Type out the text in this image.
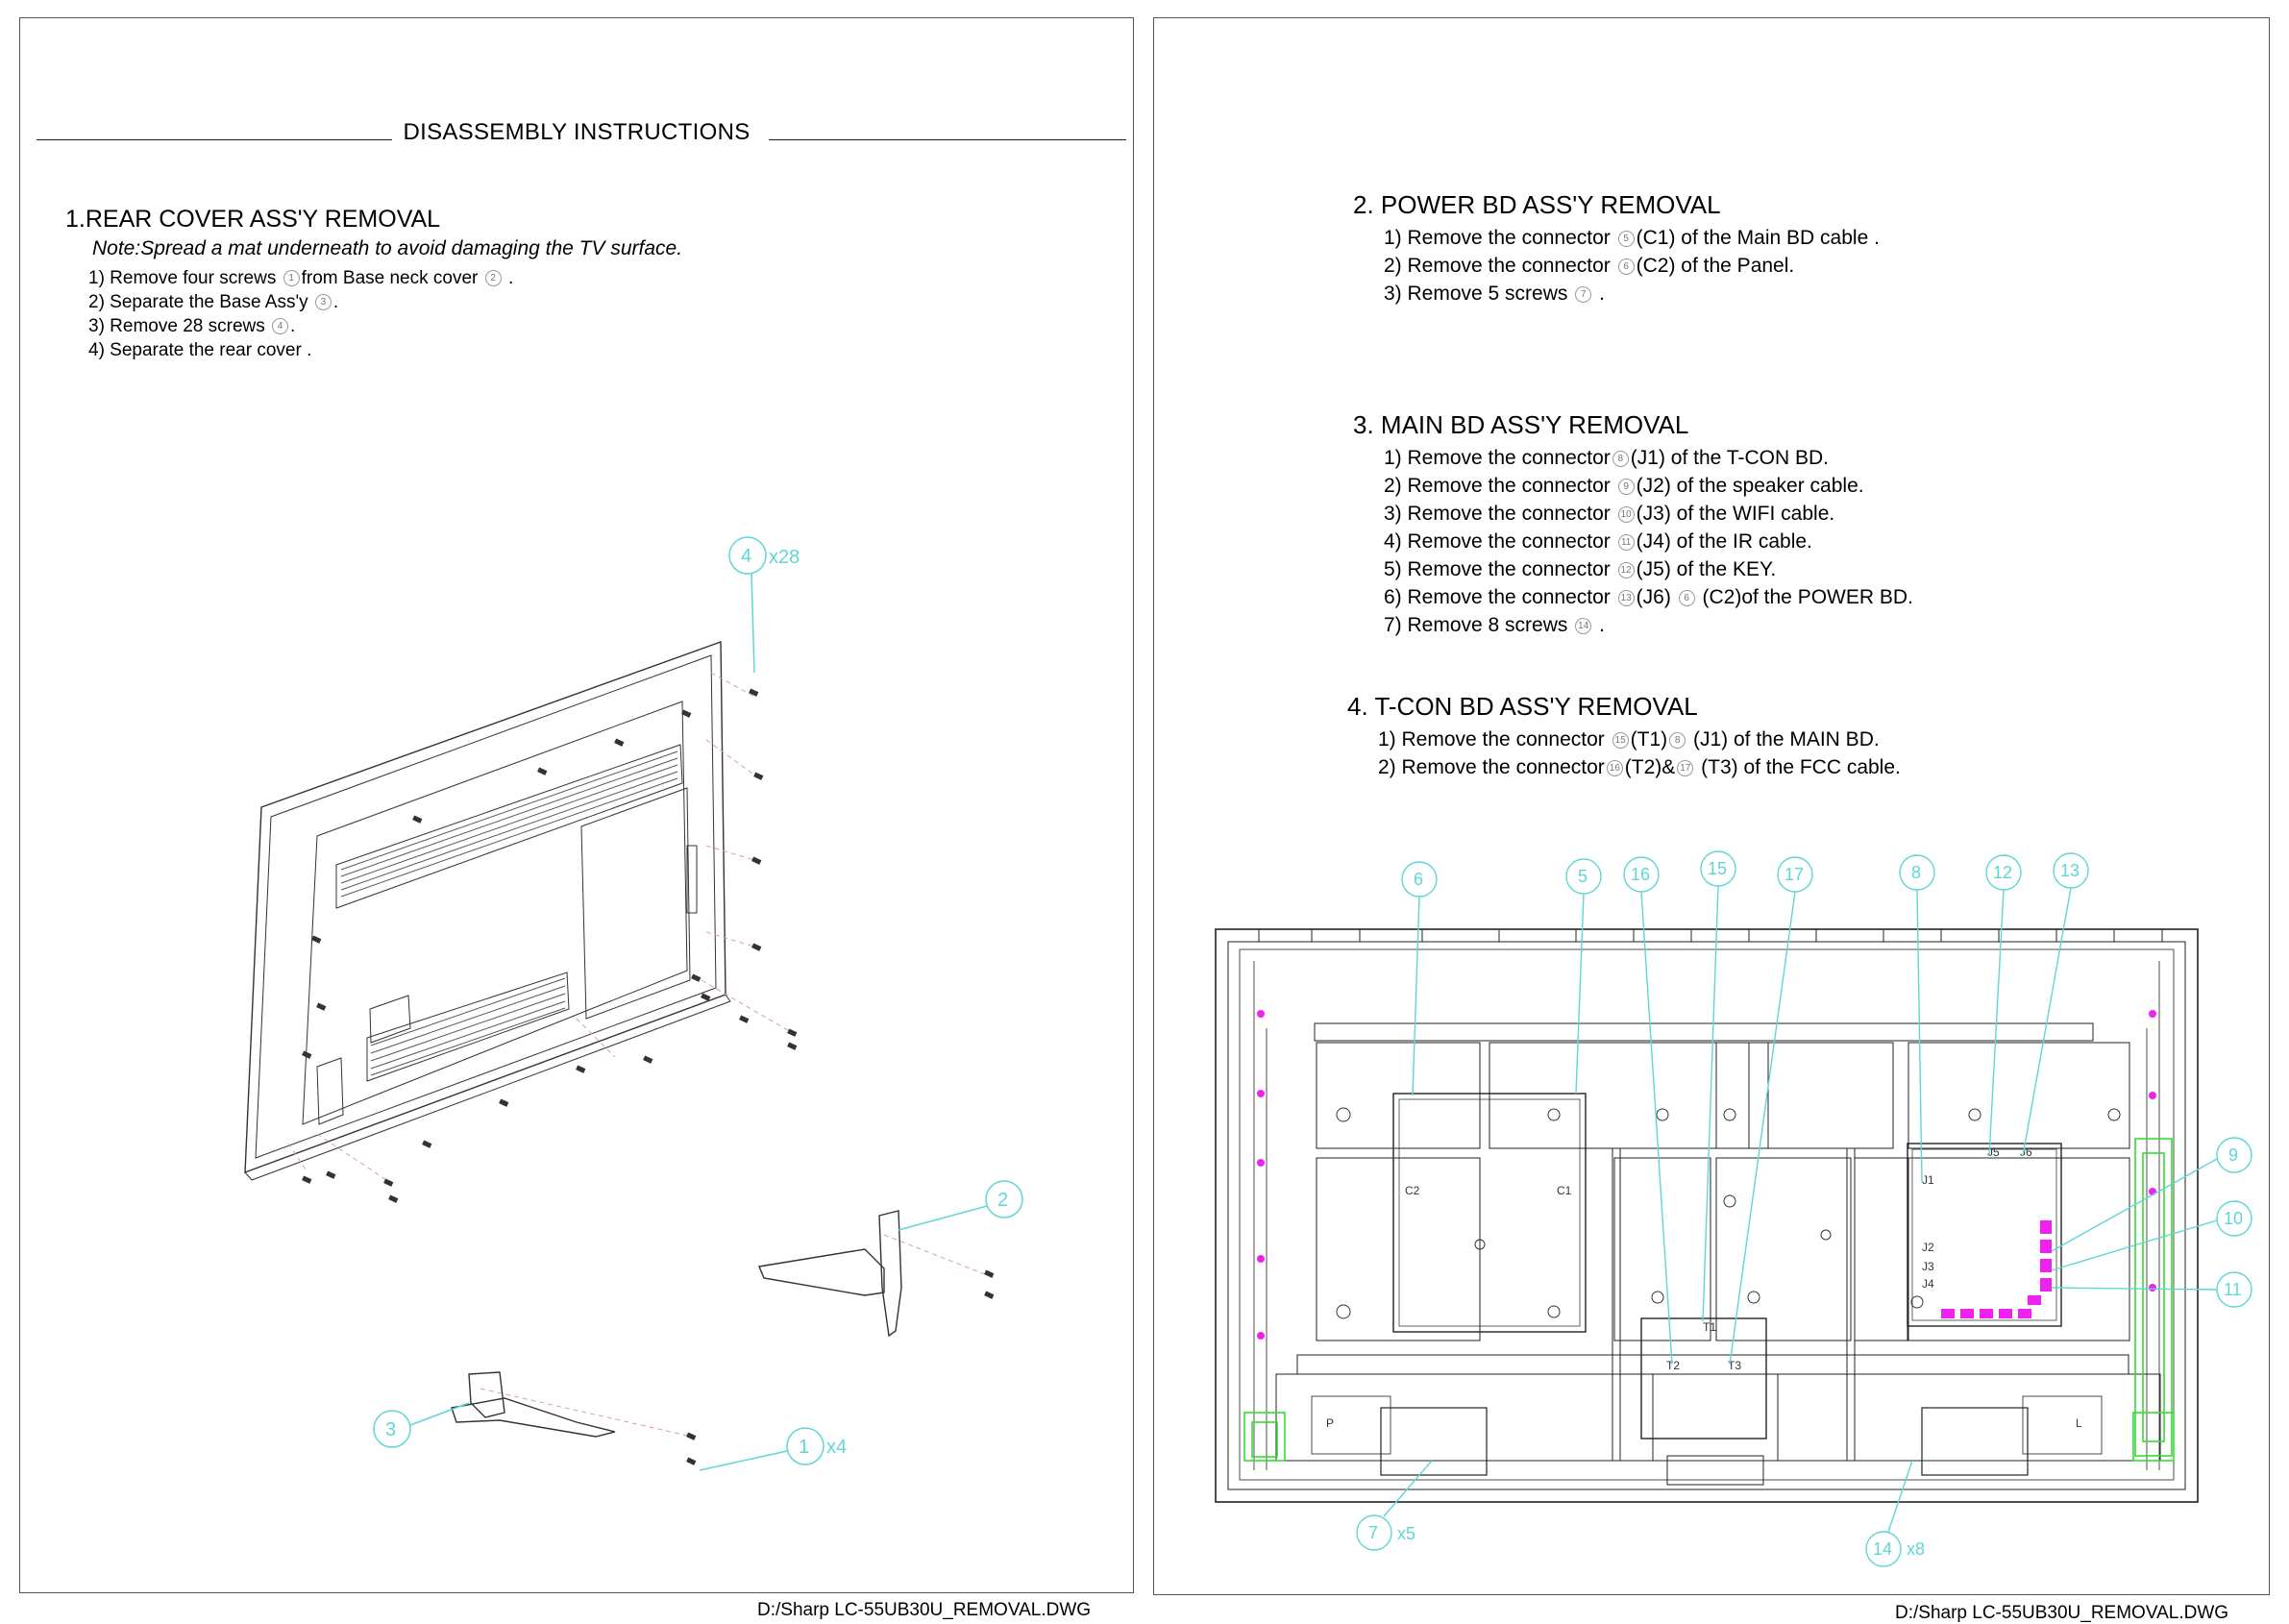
DISASSEMBLY INSTRUCTIONS
1.REAR COVER ASS'Y REMOVAL
Note:Spread a mat underneath to avoid damaging the TV surface.
1) Remove four screws 1 from Base neck cover 2 .
2) Separate the Base Ass'y 3 .
3) Remove 28 screws 4 .
4) Separate the rear cover .
4 x28
2
3
1 x4
D:/Sharp LC-55UB30U_REMOVAL.DWG
2. POWER BD ASS'Y REMOVAL
1) Remove the connector 5 (C1) of the Main BD cable .
2) Remove the connector 6 (C2) of the Panel.
3) Remove 5 screws 7 .
3. MAIN BD ASS'Y REMOVAL
1) Remove the connector 8 (J1) of the T-CON BD.
2) Remove the connector 9 (J2) of the speaker cable.
3) Remove the connector 10 (J3) of the WIFI cable.
4) Remove the connector 11 (J4) of the IR cable.
5) Remove the connector 12 (J5) of the KEY.
6) Remove the connector 13 (J6) 6 (C2)of the POWER BD.
7) Remove 8 screws 14 .
4. T-CON BD ASS'Y REMOVAL
1) Remove the connector 15 (T1) 8 (J1) of the MAIN BD.
2) Remove the connector 16 (T2)& 17 (T3) of the FCC cable.
C2	C1
T1
T2	T3
J1
J2
J3
J4
J5 J6
P	L
6	5 16	15	17	8	12	13
9
10
11
7 x5
14 x8
D:/Sharp LC-55UB30U_REMOVAL.DWG
